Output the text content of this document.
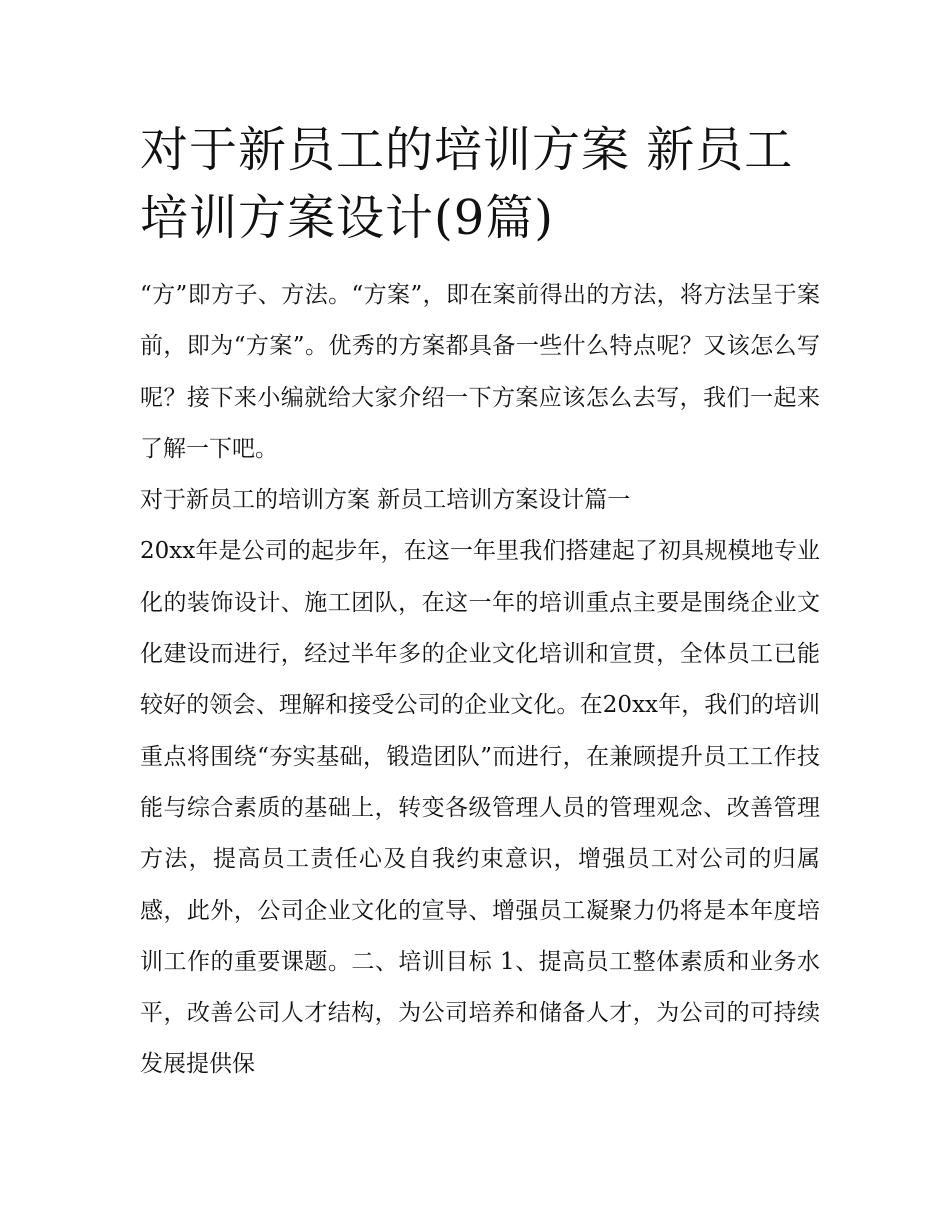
对于新员工的培训方案 新员工培训方案设计(9篇)

“方”即方子、方法。“方案”，即在案前得出的方法，将方法呈于案前，即为“方案”。优秀的方案都具备一些什么特点呢？又该怎么写呢？接下来小编就给大家介绍一下方案应该怎么去写，我们一起来了解一下吧。

对于新员工的培训方案 新员工培训方案设计篇一

20xx年是公司的起步年，在这一年里我们搭建起了初具规模地专业化的装饰设计、施工团队，在这一年的培训重点主要是围绕企业文化建设而进行，经过半年多的企业文化培训和宣贯，全体员工已能较好的领会、理解和接受公司的企业文化。在20xx年，我们的培训重点将围绕“夯实基础，锻造团队”而进行，在兼顾提升员工工作技能与综合素质的基础上，转变各级管理人员的管理观念、改善管理方法，提高员工责任心及自我约束意识，增强员工对公司的归属感，此外，公司企业文化的宣导、增强员工凝聚力仍将是本年度培训工作的重要课题。二、培训目标 1、提高员工整体素质和业务水平，改善公司人才结构，为公司培养和储备人才，为公司的可持续发展提供保
